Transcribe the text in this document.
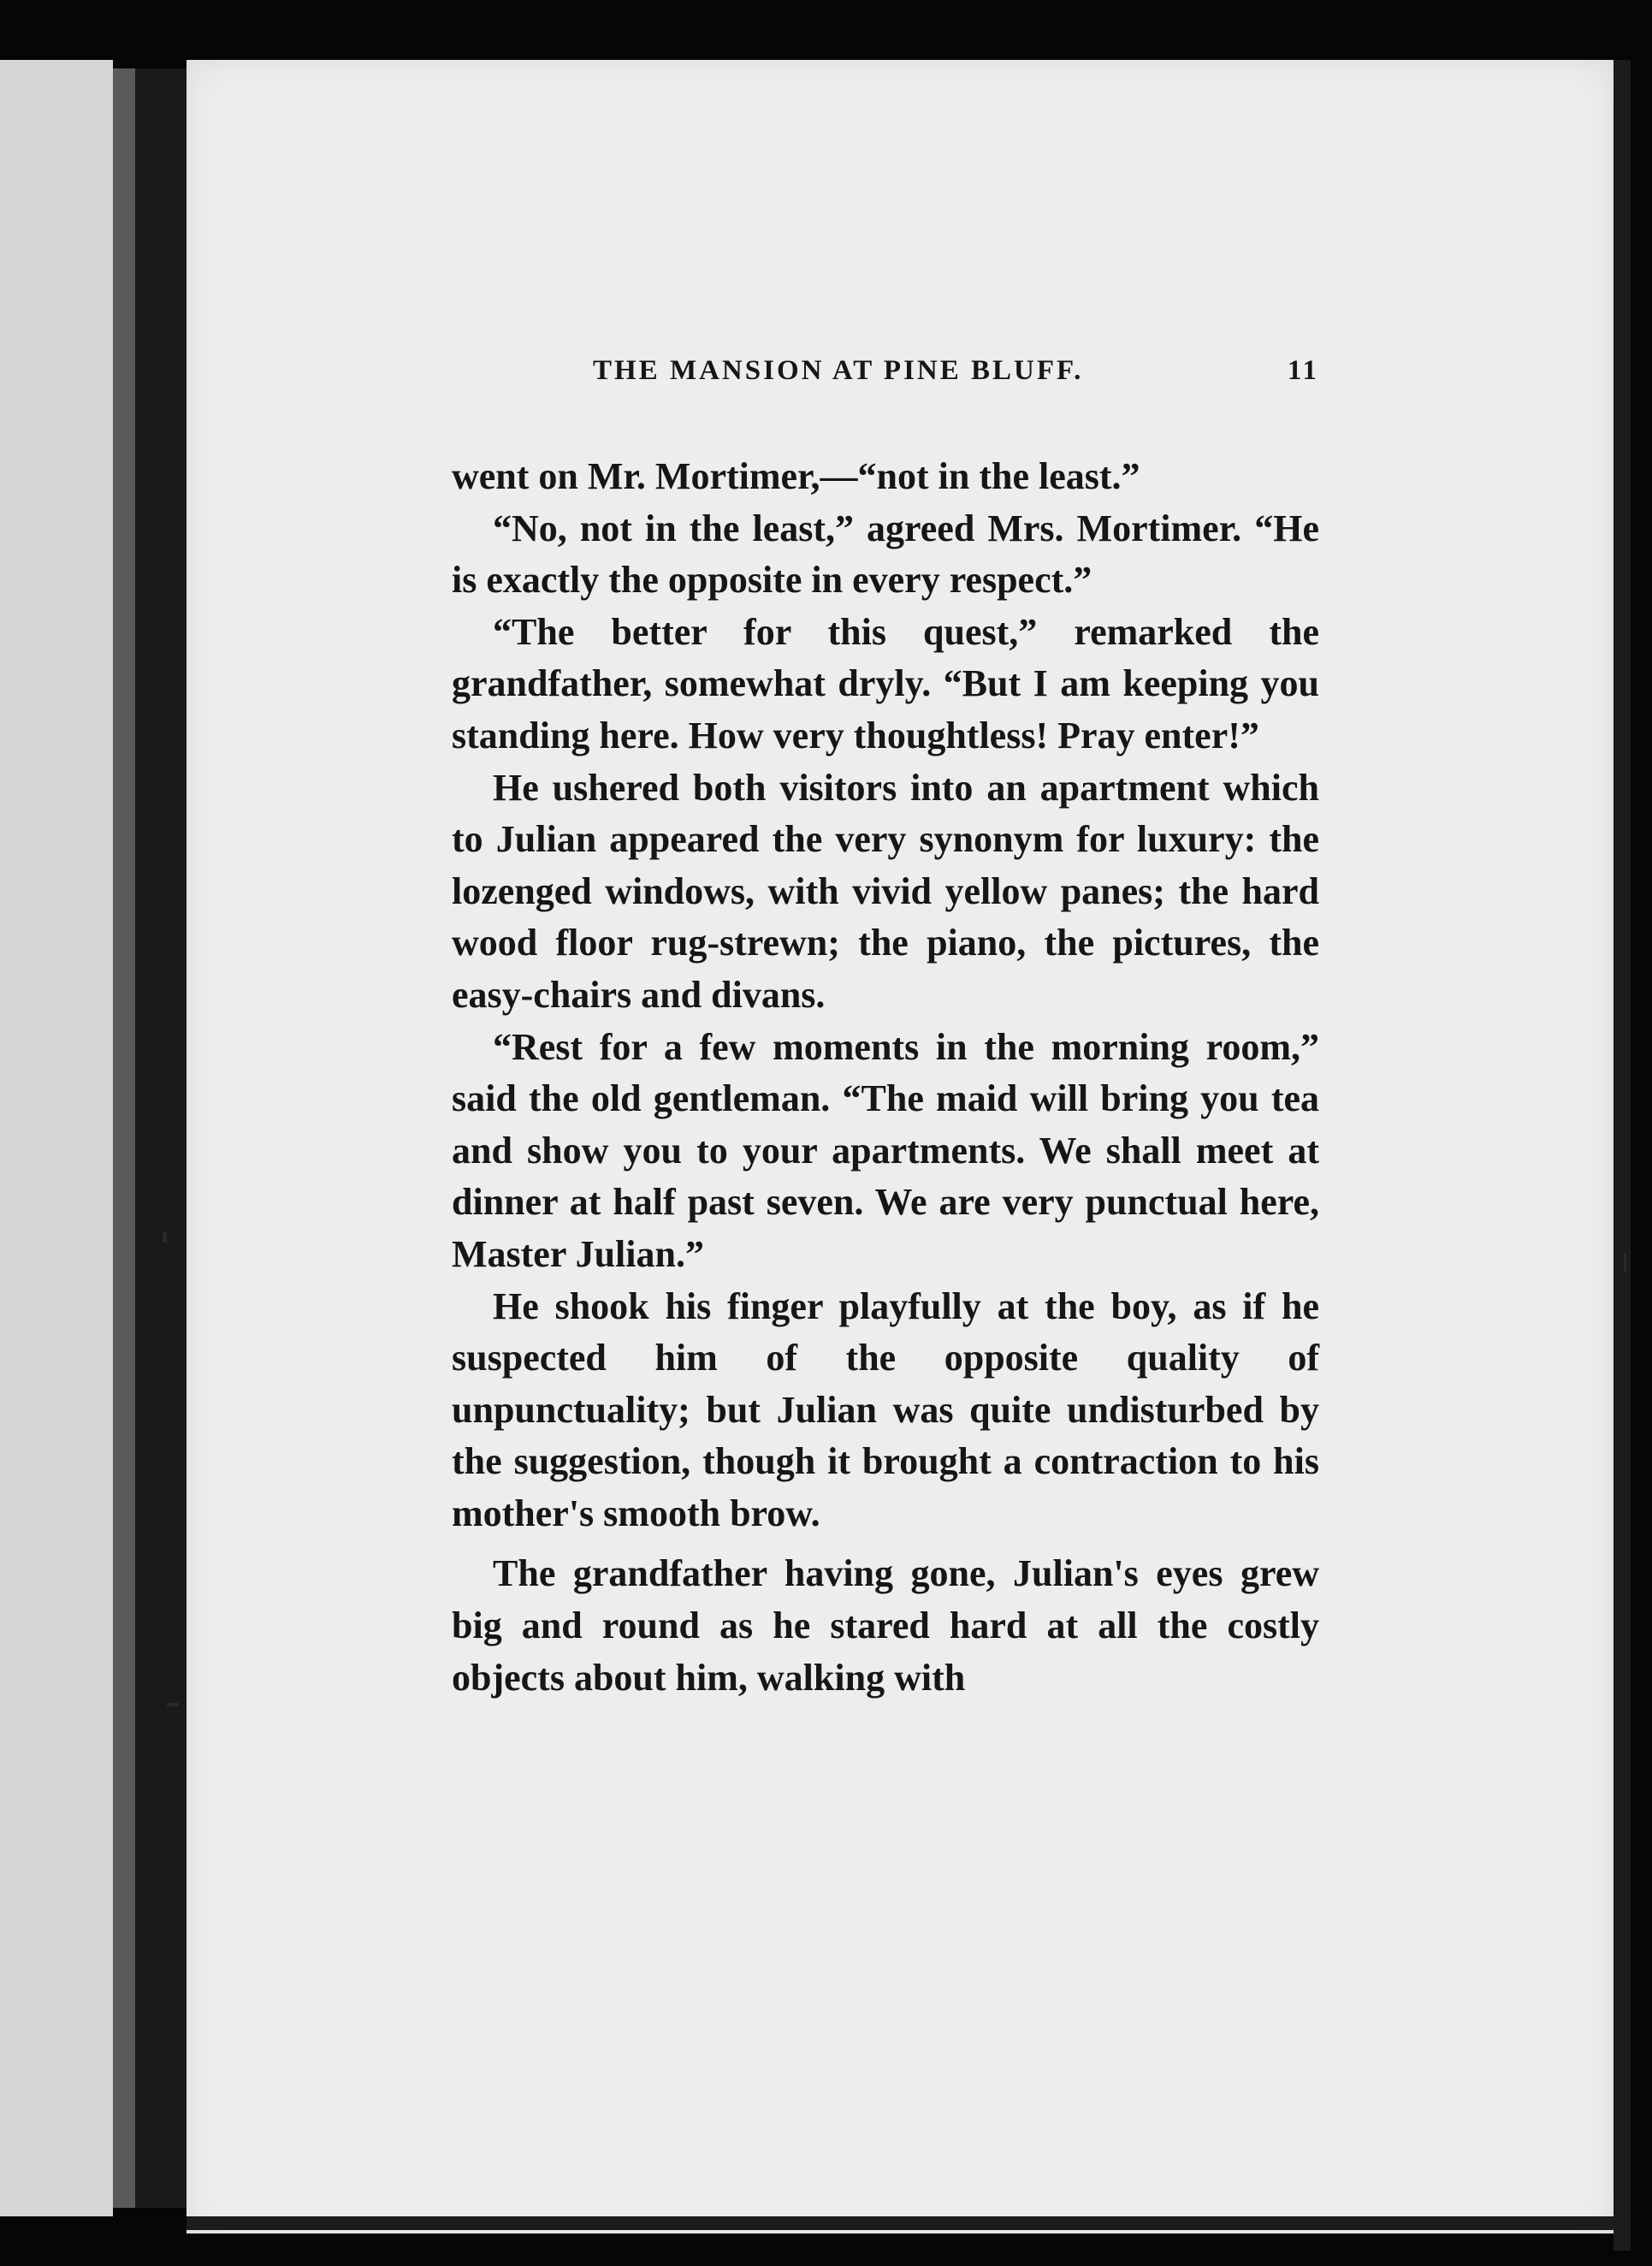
THE MANSION AT PINE BLUFF.	11

went on Mr. Mortimer,—“not in the least.”

“No, not in the least,” agreed Mrs. Mortimer. “He is exactly the opposite in every respect.”

“The better for this quest,” remarked the grandfather, somewhat dryly. “But I am keeping you standing here. How very thoughtless! Pray enter!”

He ushered both visitors into an apartment which to Julian appeared the very synonym for luxury: the lozenged windows, with vivid yellow panes; the hard wood floor rug-strewn; the piano, the pictures, the easy-chairs and divans.

“Rest for a few moments in the morning room,” said the old gentleman. “The maid will bring you tea and show you to your apartments. We shall meet at dinner at half past seven. We are very punctual here, Master Julian.”

He shook his finger playfully at the boy, as if he suspected him of the opposite quality of unpunctuality; but Julian was quite undisturbed by the suggestion, though it brought a contraction to his mother's smooth brow.

The grandfather having gone, Julian's eyes grew big and round as he stared hard at all the costly objects about him, walking with
